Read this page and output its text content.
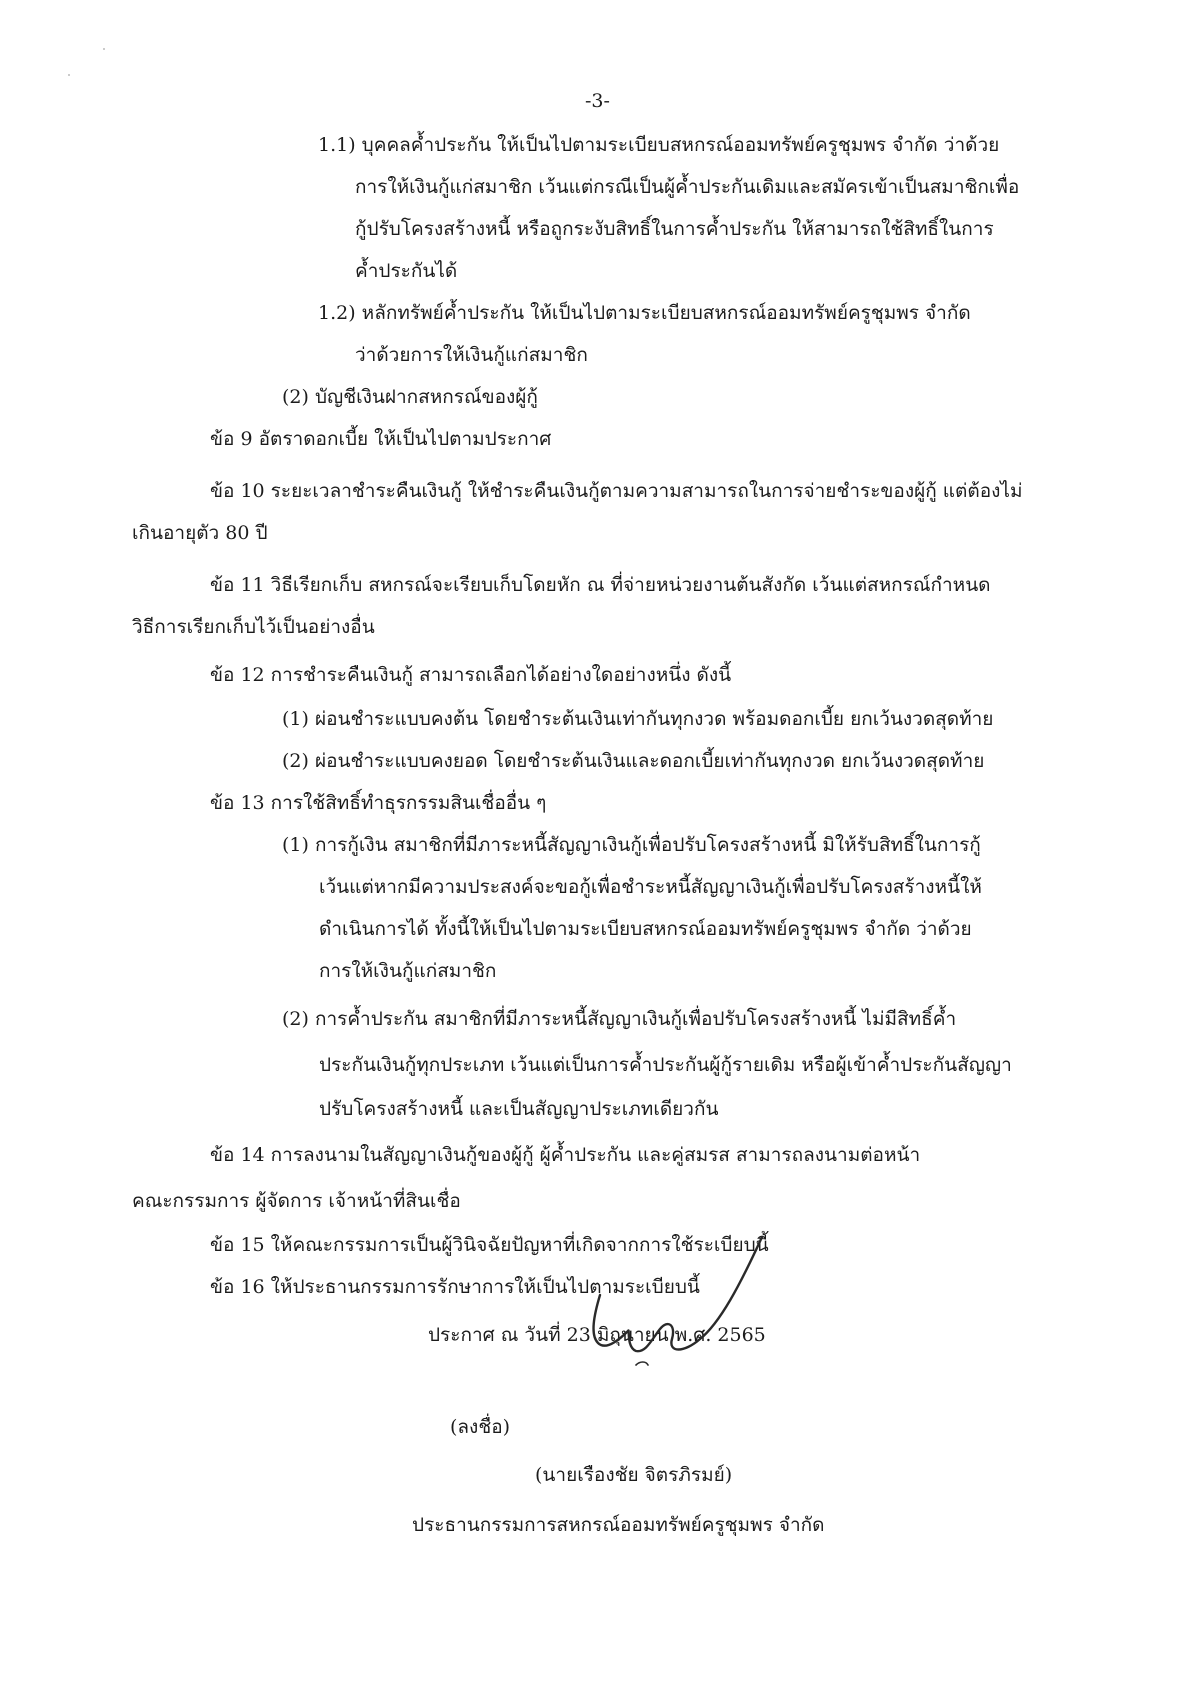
-3-
1.1) บุคคลค้ำประกัน ให้เป็นไปตามระเบียบสหกรณ์ออมทรัพย์ครูชุมพร จำกัด ว่าด้วย
การให้เงินกู้แก่สมาชิก เว้นแต่กรณีเป็นผู้ค้ำประกันเดิมและสมัครเข้าเป็นสมาชิกเพื่อ
กู้ปรับโครงสร้างหนี้ หรือถูกระงับสิทธิ์ในการค้ำประกัน ให้สามารถใช้สิทธิ์ในการ
ค้ำประกันได้
1.2) หลักทรัพย์ค้ำประกัน ให้เป็นไปตามระเบียบสหกรณ์ออมทรัพย์ครูชุมพร จำกัด
ว่าด้วยการให้เงินกู้แก่สมาชิก
(2) บัญชีเงินฝากสหกรณ์ของผู้กู้
ข้อ 9 อัตราดอกเบี้ย ให้เป็นไปตามประกาศ
ข้อ 10 ระยะเวลาชำระคืนเงินกู้ ให้ชำระคืนเงินกู้ตามความสามารถในการจ่ายชำระของผู้กู้ แต่ต้องไม่
เกินอายุตัว 80 ปี
ข้อ 11 วิธีเรียกเก็บ สหกรณ์จะเรียบเก็บโดยหัก ณ ที่จ่ายหน่วยงานต้นสังกัด เว้นแต่สหกรณ์กำหนด
วิธีการเรียกเก็บไว้เป็นอย่างอื่น
ข้อ 12 การชำระคืนเงินกู้ สามารถเลือกได้อย่างใดอย่างหนึ่ง ดังนี้
(1) ผ่อนชำระแบบคงต้น โดยชำระต้นเงินเท่ากันทุกงวด พร้อมดอกเบี้ย ยกเว้นงวดสุดท้าย
(2) ผ่อนชำระแบบคงยอด โดยชำระต้นเงินและดอกเบี้ยเท่ากันทุกงวด ยกเว้นงวดสุดท้าย
ข้อ 13 การใช้สิทธิ์ทำธุรกรรมสินเชื่ออื่น ๆ
(1) การกู้เงิน สมาชิกที่มีภาระหนี้สัญญาเงินกู้เพื่อปรับโครงสร้างหนี้ มิให้รับสิทธิ์ในการกู้
เว้นแต่หากมีความประสงค์จะขอกู้เพื่อชำระหนี้สัญญาเงินกู้เพื่อปรับโครงสร้างหนี้ให้
ดำเนินการได้ ทั้งนี้ให้เป็นไปตามระเบียบสหกรณ์ออมทรัพย์ครูชุมพร จำกัด ว่าด้วย
การให้เงินกู้แก่สมาชิก
(2) การค้ำประกัน สมาชิกที่มีภาระหนี้สัญญาเงินกู้เพื่อปรับโครงสร้างหนี้ ไม่มีสิทธิ์ค้ำ
ประกันเงินกู้ทุกประเภท เว้นแต่เป็นการค้ำประกันผู้กู้รายเดิม หรือผู้เข้าค้ำประกันสัญญา
ปรับโครงสร้างหนี้ และเป็นสัญญาประเภทเดียวกัน
ข้อ 14 การลงนามในสัญญาเงินกู้ของผู้กู้ ผู้ค้ำประกัน และคู่สมรส สามารถลงนามต่อหน้า
คณะกรรมการ ผู้จัดการ เจ้าหน้าที่สินเชื่อ
ข้อ 15 ให้คณะกรรมการเป็นผู้วินิจฉัยปัญหาที่เกิดจากการใช้ระเบียบนี้
ข้อ 16 ให้ประธานกรรมการรักษาการให้เป็นไปตามระเบียบนี้
ประกาศ ณ วันที่ 23 มิถุนายน พ.ศ. 2565
(ลงชื่อ)
(นายเรืองชัย จิตรภิรมย์)
ประธานกรรมการสหกรณ์ออมทรัพย์ครูชุมพร จำกัด
